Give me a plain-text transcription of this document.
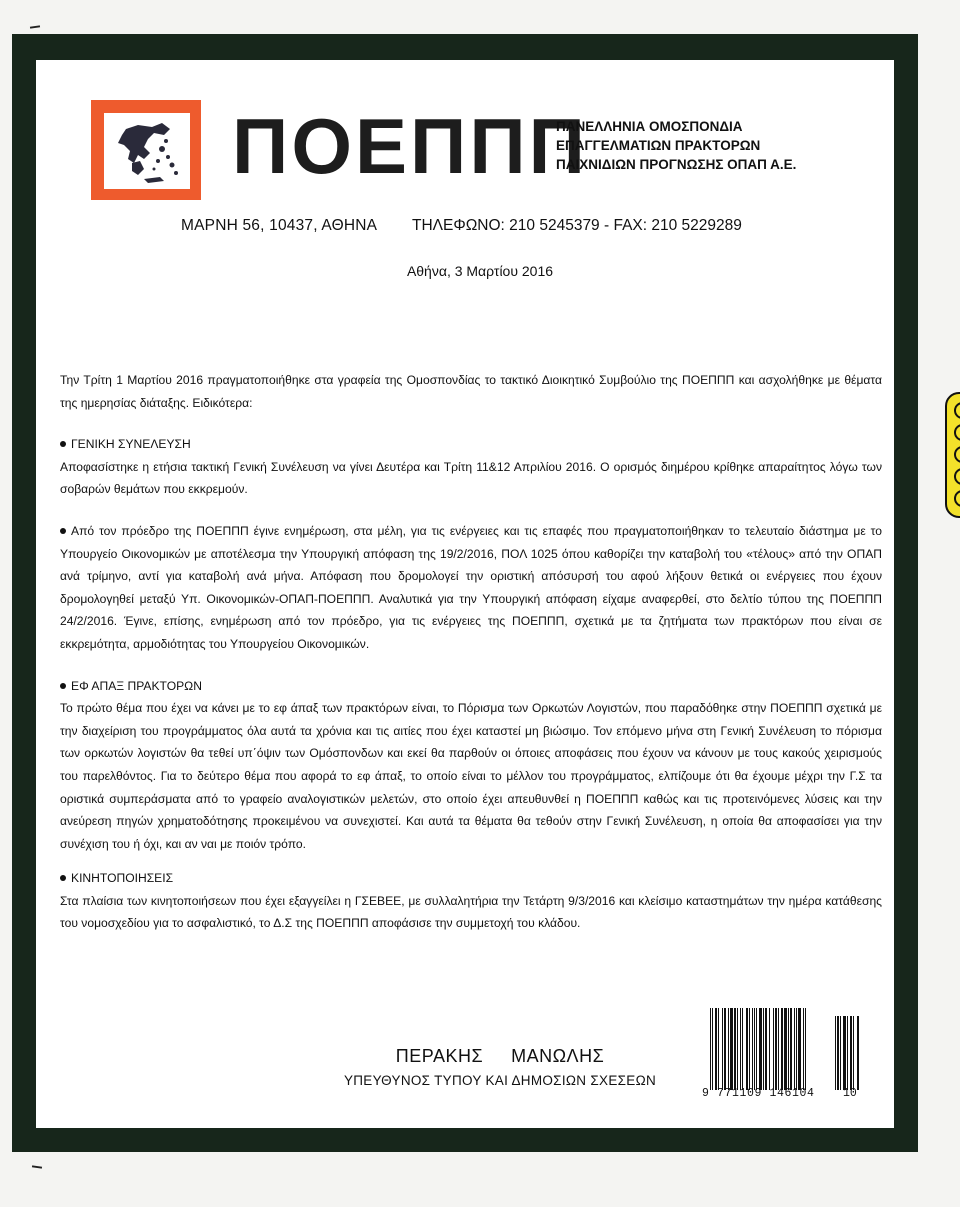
ΠΟΕΠΠΠ
ΠΑΝΕΛΛΗΝΙΑ ΟΜΟΣΠΟΝΔΙΑ
ΕΠΑΓΓΕΛΜΑΤΙΩΝ ΠΡΑΚΤΟΡΩΝ
ΠΑΙΧΝΙΔΙΩΝ ΠΡΟΓΝΩΣΗΣ ΟΠΑΠ Α.Ε.
ΜΑΡΝΗ 56, 10437, ΑΘΗΝΑ ΤΗΛΕΦΩΝΟ: 210 5245379 - FAX: 210 5229289
Αθήνα, 3 Μαρτίου 2016

Την Τρίτη 1 Μαρτίου 2016 πραγματοποιήθηκε στα γραφεία της Ομοσπονδίας το τακτικό Διοικητικό Συμβούλιο της ΠΟΕΠΠΠ και ασχολήθηκε με θέματα της ημερησίας διάταξης. Ειδικότερα:

ΓΕΝΙΚΗ ΣΥΝΕΛΕΥΣΗ

Αποφασίστηκε η ετήσια τακτική Γενική Συνέλευση να γίνει Δευτέρα και Τρίτη 11&12 Απριλίου 2016. Ο ορισμός διημέρου κρίθηκε απαραίτητος λόγω των σοβαρών θεμάτων που εκκρεμούν.

Από τον πρόεδρο της ΠΟΕΠΠΠ έγινε ενημέρωση, στα μέλη, για τις ενέργειες και τις επαφές που πραγματοποιήθηκαν το τελευταίο διάστημα με το Υπουργείο Οικονομικών με αποτέλεσμα την Υπουργική απόφαση της 19/2/2016, ΠΟΛ 1025 όπου καθορίζει την καταβολή του «τέλους» από την ΟΠΑΠ ανά τρίμηνο, αντί για καταβολή ανά μήνα. Απόφαση που δρομολογεί την οριστική απόσυρσή του αφού λήξουν θετικά οι ενέργειες που έχουν δρομολογηθεί μεταξύ Υπ. Οικονομικών-ΟΠΑΠ-ΠΟΕΠΠΠ. Αναλυτικά για την Υπουργική απόφαση είχαμε αναφερθεί, στο δελτίο τύπου της ΠΟΕΠΠΠ 24/2/2016. Έγινε, επίσης, ενημέρωση από τον πρόεδρο, για τις ενέργειες της ΠΟΕΠΠΠ, σχετικά με τα ζητήματα των πρακτόρων που είναι σε εκκρεμότητα, αρμοδιότητας του Υπουργείου Οικονομικών.

ΕΦ ΑΠΑΞ ΠΡΑΚΤΟΡΩΝ

Το πρώτο θέμα που έχει να κάνει με το εφ άπαξ των πρακτόρων είναι, το Πόρισμα των Ορκωτών Λογιστών, που παραδόθηκε στην ΠΟΕΠΠΠ σχετικά με την διαχείριση του προγράμματος όλα αυτά τα χρόνια και τις αιτίες που έχει καταστεί μη βιώσιμο. Τον επόμενο μήνα στη Γενική Συνέλευση το πόρισμα των ορκωτών λογιστών θα τεθεί υπ΄όψιν των Ομόσπονδων και εκεί θα παρθούν οι όποιες αποφάσεις που έχουν να κάνουν με τους κακούς χειρισμούς του παρελθόντος. Για το δεύτερο θέμα που αφορά το εφ άπαξ, το οποίο είναι το μέλλον του προγράμματος, ελπίζουμε ότι θα έχουμε μέχρι την Γ.Σ τα οριστικά συμπεράσματα από το γραφείο αναλογιστικών μελετών, στο οποίο έχει απευθυνθεί η ΠΟΕΠΠΠ καθώς και τις προτεινόμενες λύσεις και την ανεύρεση πηγών χρηματοδότησης προκειμένου να συνεχιστεί. Και αυτά τα θέματα θα τεθούν στην Γενική Συνέλευση, η οποία θα αποφασίσει για την συνέχιση του ή όχι, και αν ναι με ποιόν τρόπο.

ΚΙΝΗΤΟΠΟΙΗΣΕΙΣ

Στα πλαίσια των κινητοποιήσεων που έχει εξαγγείλει η ΓΣΕΒΕΕ, με συλλαλητήρια την Τετάρτη 9/3/2016 και κλείσιμο καταστημάτων την ημέρα κατάθεσης του νομοσχεδίου για το ασφαλιστικό, το Δ.Σ της ΠΟΕΠΠΠ αποφάσισε την συμμετοχή του κλάδου.

ΠΕΡΑΚΗΣ ΜΑΝΩΛΗΣ
ΥΠΕΥΘΥΝΟΣ ΤΥΠΟΥ ΚΑΙ ΔΗΜΟΣΙΩΝ ΣΧΕΣΕΩΝ
9 771109 146104 10
